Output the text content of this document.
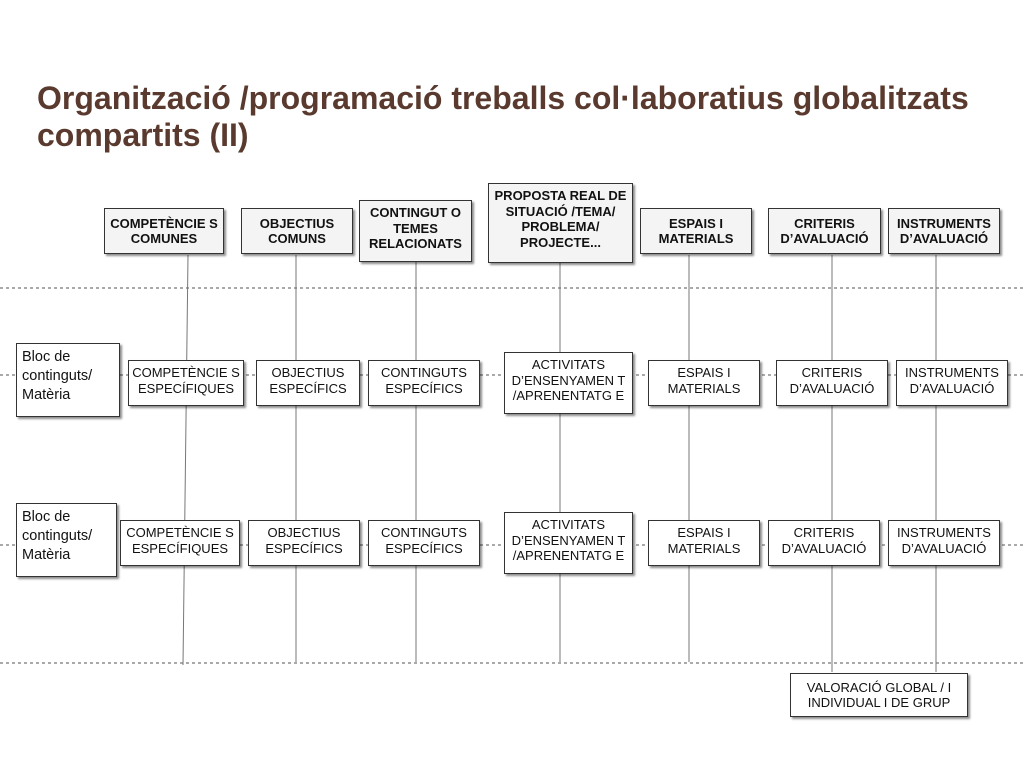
Organització /programació treballs col·laboratius globalitzats compartits (II)
COMPETÈNCIE S COMUNES
OBJECTIUS COMUNS
CONTINGUT O TEMES RELACIONATS
PROPOSTA REAL DE SITUACIÓ /TEMA/ PROBLEMA/ PROJECTE...
ESPAIS I MATERIALS
CRITERIS D’AVALUACIÓ
INSTRUMENTS D’AVALUACIÓ
Bloc de continguts/ Matèria
COMPETÈNCIE S ESPECÍFIQUES
OBJECTIUS ESPECÍFICS
CONTINGUTS ESPECÍFICS
ACTIVITATS D’ENSENYAMEN T /APRENENTATG E
ESPAIS I MATERIALS
CRITERIS D’AVALUACIÓ
INSTRUMENTS D’AVALUACIÓ
Bloc de continguts/ Matèria
COMPETÈNCIE S ESPECÍFIQUES
OBJECTIUS ESPECÍFICS
CONTINGUTS ESPECÍFICS
ACTIVITATS D’ENSENYAMEN T /APRENENTATG E
ESPAIS I MATERIALS
CRITERIS D’AVALUACIÓ
INSTRUMENTS D’AVALUACIÓ
VALORACIÓ GLOBAL / I INDIVIDUAL I DE GRUP
